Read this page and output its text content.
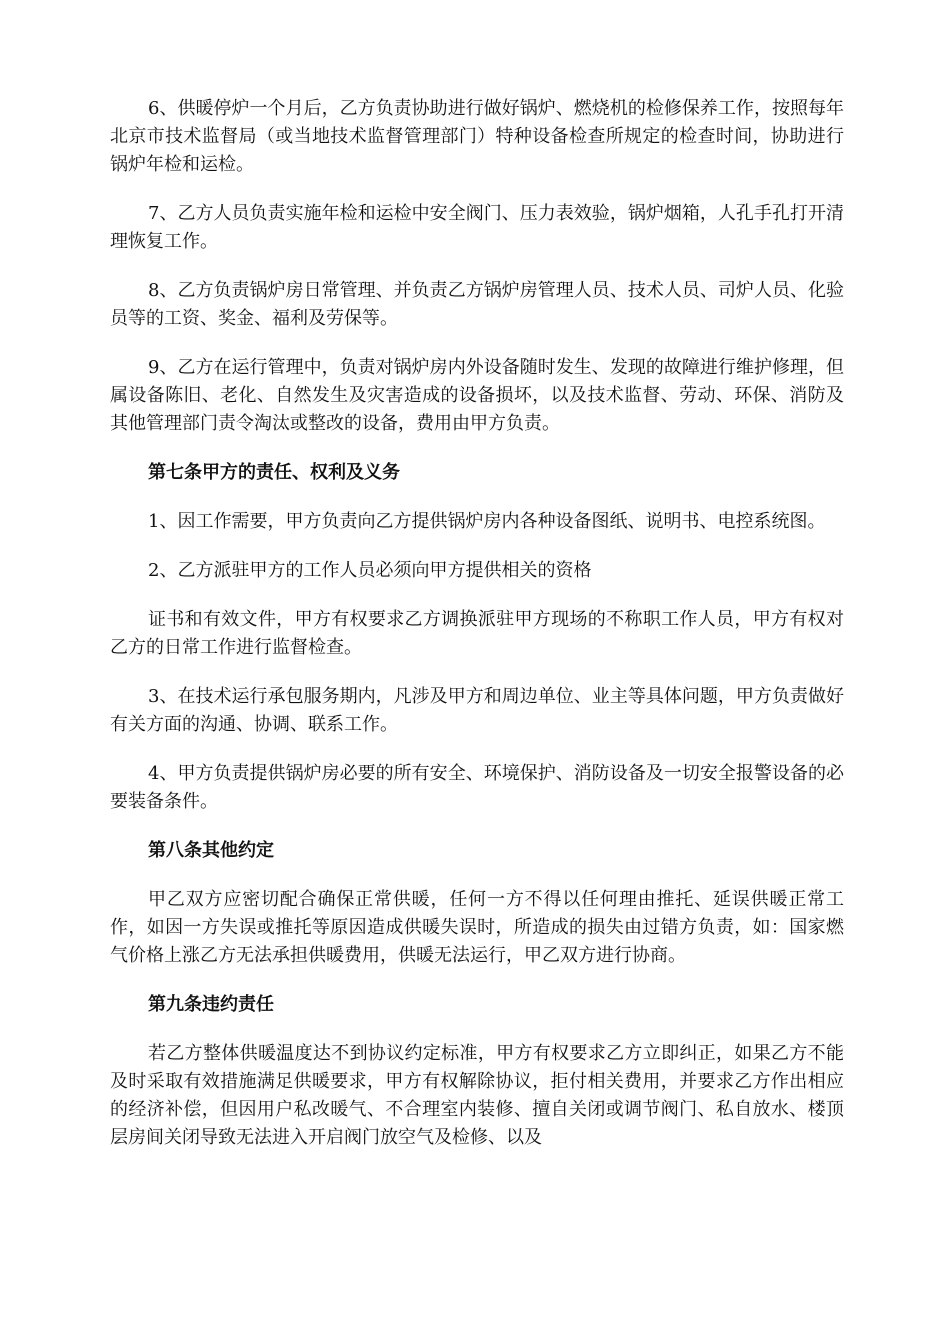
6、供暖停炉一个月后，乙方负责协助进行做好锅炉、燃烧机的检修保养工作，按照每年北京市技术监督局（或当地技术监督管理部门）特种设备检查所规定的检查时间，协助进行锅炉年检和运检。

7、乙方人员负责实施年检和运检中安全阀门、压力表效验，锅炉烟箱，人孔手孔打开清理恢复工作。

8、乙方负责锅炉房日常管理、并负责乙方锅炉房管理人员、技术人员、司炉人员、化验员等的工资、奖金、福利及劳保等。

9、乙方在运行管理中，负责对锅炉房内外设备随时发生、发现的故障进行维护修理，但属设备陈旧、老化、自然发生及灾害造成的设备损坏，以及技术监督、劳动、环保、消防及其他管理部门责令淘汰或整改的设备，费用由甲方负责。

第七条甲方的责任、权利及义务

1、因工作需要，甲方负责向乙方提供锅炉房内各种设备图纸、说明书、电控系统图。

2、乙方派驻甲方的工作人员必须向甲方提供相关的资格

证书和有效文件，甲方有权要求乙方调换派驻甲方现场的不称职工作人员，甲方有权对乙方的日常工作进行监督检查。

3、在技术运行承包服务期内，凡涉及甲方和周边单位、业主等具体问题，甲方负责做好有关方面的沟通、协调、联系工作。

4、甲方负责提供锅炉房必要的所有安全、环境保护、消防设备及一切安全报警设备的必要装备条件。

第八条其他约定

甲乙双方应密切配合确保正常供暖，任何一方不得以任何理由推托、延误供暖正常工作，如因一方失误或推托等原因造成供暖失误时，所造成的损失由过错方负责，如：国家燃气价格上涨乙方无法承担供暖费用，供暖无法运行，甲乙双方进行协商。

第九条违约责任

若乙方整体供暖温度达不到协议约定标准，甲方有权要求乙方立即纠正，如果乙方不能及时采取有效措施满足供暖要求，甲方有权解除协议，拒付相关费用，并要求乙方作出相应的经济补偿，但因用户私改暖气、不合理室内装修、擅自关闭或调节阀门、私自放水、楼顶层房间关闭导致无法进入开启阀门放空气及检修、以及
